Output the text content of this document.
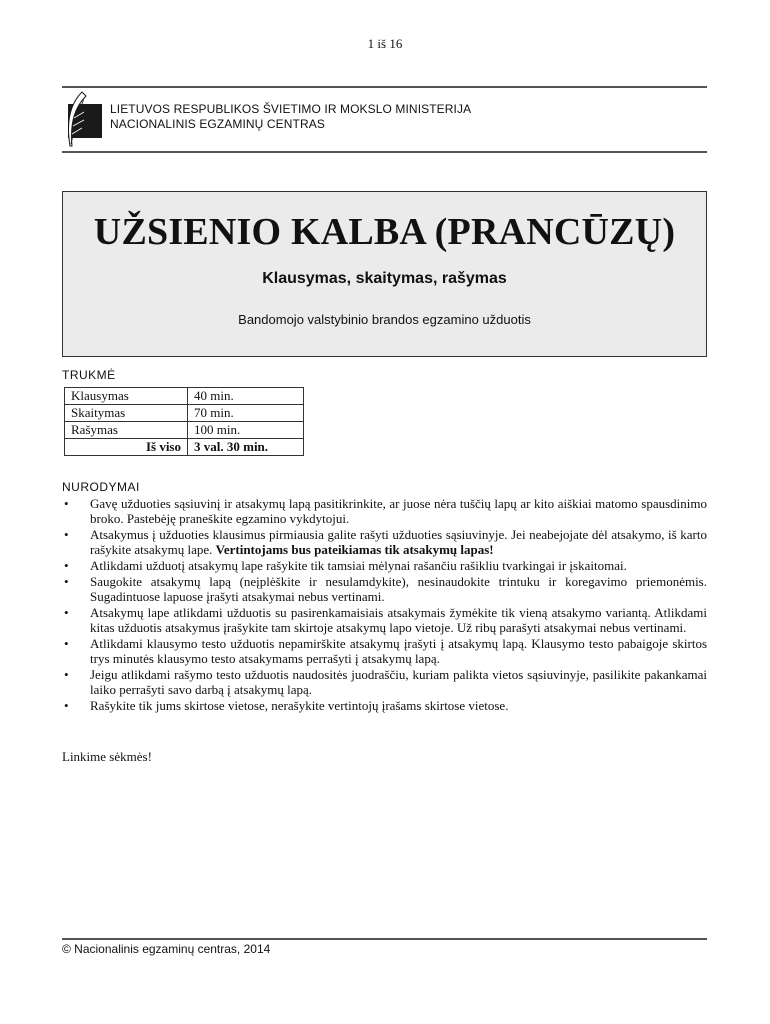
1 iš 16
LIETUVOS RESPUBLIKOS ŠVIETIMO IR MOKSLO MINISTERIJA
NACIONALINIS EGZAMINŲ CENTRAS
UŽSIENIO KALBA (PRANCŪZŲ)
Klausymas, skaitymas, rašymas
Bandomojo valstybinio brandos egzamino užduotis
TRUKMĖ
Klausymas	40 min.
Skaitymas	70 min.
Rašymas	100 min.
Iš viso	3 val. 30 min.
NURODYMAI
• Gavę užduoties sąsiuvinį ir atsakymų lapą pasitikrinkite, ar juose nėra tuščių lapų ar kito aiškiai matomo spausdinimo broko. Pastebėję praneškite egzamino vykdytojui.
• Atsakymus į užduoties klausimus pirmiausia galite rašyti užduoties sąsiuvinyje. Jei neabejojate dėl atsakymo, iš karto rašykite atsakymų lape. Vertintojams bus pateikiamas tik atsakymų lapas!
• Atlikdami užduotį atsakymų lape rašykite tik tamsiai mėlynai rašančiu rašikliu tvarkingai ir įskaitomai.
• Saugokite atsakymų lapą (neįplėškite ir nesulamdykite), nesinaudokite trintuku ir koregavimo priemonėmis. Sugadintuose lapuose įrašyti atsakymai nebus vertinami.
• Atsakymų lape atlikdami užduotis su pasirenkamaisiais atsakymais žymėkite tik vieną atsakymo variantą. Atlikdami kitas užduotis atsakymus įrašykite tam skirtoje atsakymų lapo vietoje. Už ribų parašyti atsakymai nebus vertinami.
• Atlikdami klausymo testo užduotis nepamirškite atsakymų įrašyti į atsakymų lapą. Klausymo testo pabaigoje skirtos trys minutės klausymo testo atsakymams perrašyti į atsakymų lapą.
• Jeigu atlikdami rašymo testo užduotis naudositės juodraščiu, kuriam palikta vietos sąsiuvinyje, pasilikite pakankamai laiko perrašyti savo darbą į atsakymų lapą.
• Rašykite tik jums skirtose vietose, nerašykite vertintojų įrašams skirtose vietose.
Linkime sėkmės!
© Nacionalinis egzaminų centras, 2014
